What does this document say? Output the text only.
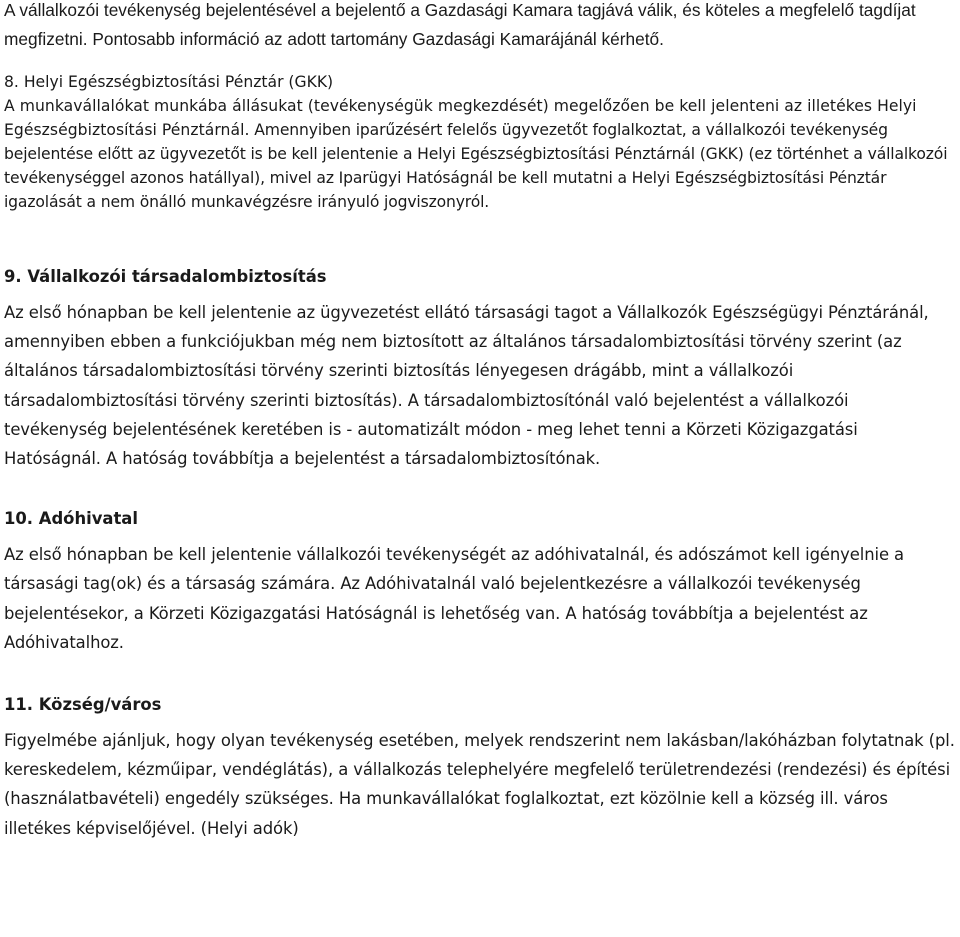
A vállalkozói tevékenység bejelentésével a bejelentő a Gazdasági Kamara tagjává válik, és köteles a megfelelő tagdíjat megfizetni. Pontosabb információ az adott tartomány Gazdasági Kamarájánál kérhető.

8. Helyi Egészségbiztosítási Pénztár (GKK)

A munkavállalókat munkába állásukat (tevékenységük megkezdését) megelőzően be kell jelenteni az illetékes Helyi Egészségbiztosítási Pénztárnál. Amennyiben iparűzésért felelős ügyvezetőt foglalkoztat, a vállalkozói tevékenység bejelentése előtt az ügyvezetőt is be kell jelentenie a Helyi Egészségbiztosítási Pénztárnál (GKK) (ez történhet a vállalkozói tevékenységgel azonos hatállyal), mivel az Iparügyi Hatóságnál be kell mutatni a Helyi Egészségbiztosítási Pénztár igazolását a nem önálló munkavégzésre irányuló jogviszonyról.

9. Vállalkozói társadalombiztosítás

Az első hónapban be kell jelentenie az ügyvezetést ellátó társasági tagot a Vállalkozók Egészségügyi Pénztáránál, amennyiben ebben a funkciójukban még nem biztosított az általános társadalombiztosítási törvény szerint (az általános társadalombiztosítási törvény szerinti biztosítás lényegesen drágább, mint a vállalkozói társadalombiztosítási törvény szerinti biztosítás). A társadalombiztosítónál való bejelentést a vállalkozói tevékenység bejelentésének keretében is - automatizált módon - meg lehet tenni a Körzeti Közigazgatási Hatóságnál. A hatóság továbbítja a bejelentést a társadalombiztosítónak.

10. Adóhivatal

Az első hónapban be kell jelentenie vállalkozói tevékenységét az adóhivatalnál, és adószámot kell igényelnie a társasági tag(ok) és a társaság számára. Az Adóhivatalnál való bejelentkezésre a vállalkozói tevékenység bejelentésekor, a Körzeti Közigazgatási Hatóságnál is lehetőség van. A hatóság továbbítja a bejelentést az Adóhivatalhoz.

11. Község/város

Figyelmébe ajánljuk, hogy olyan tevékenység esetében, melyek rendszerint nem lakásban/lakóházban folytatnak (pl. kereskedelem, kézműipar, vendéglátás), a vállalkozás telephelyére megfelelő területrendezési (rendezési) és építési (használatbavételi) engedély szükséges. Ha munkavállalókat foglalkoztat, ezt közölnie kell a község ill. város illetékes képviselőjével. (Helyi adók)
